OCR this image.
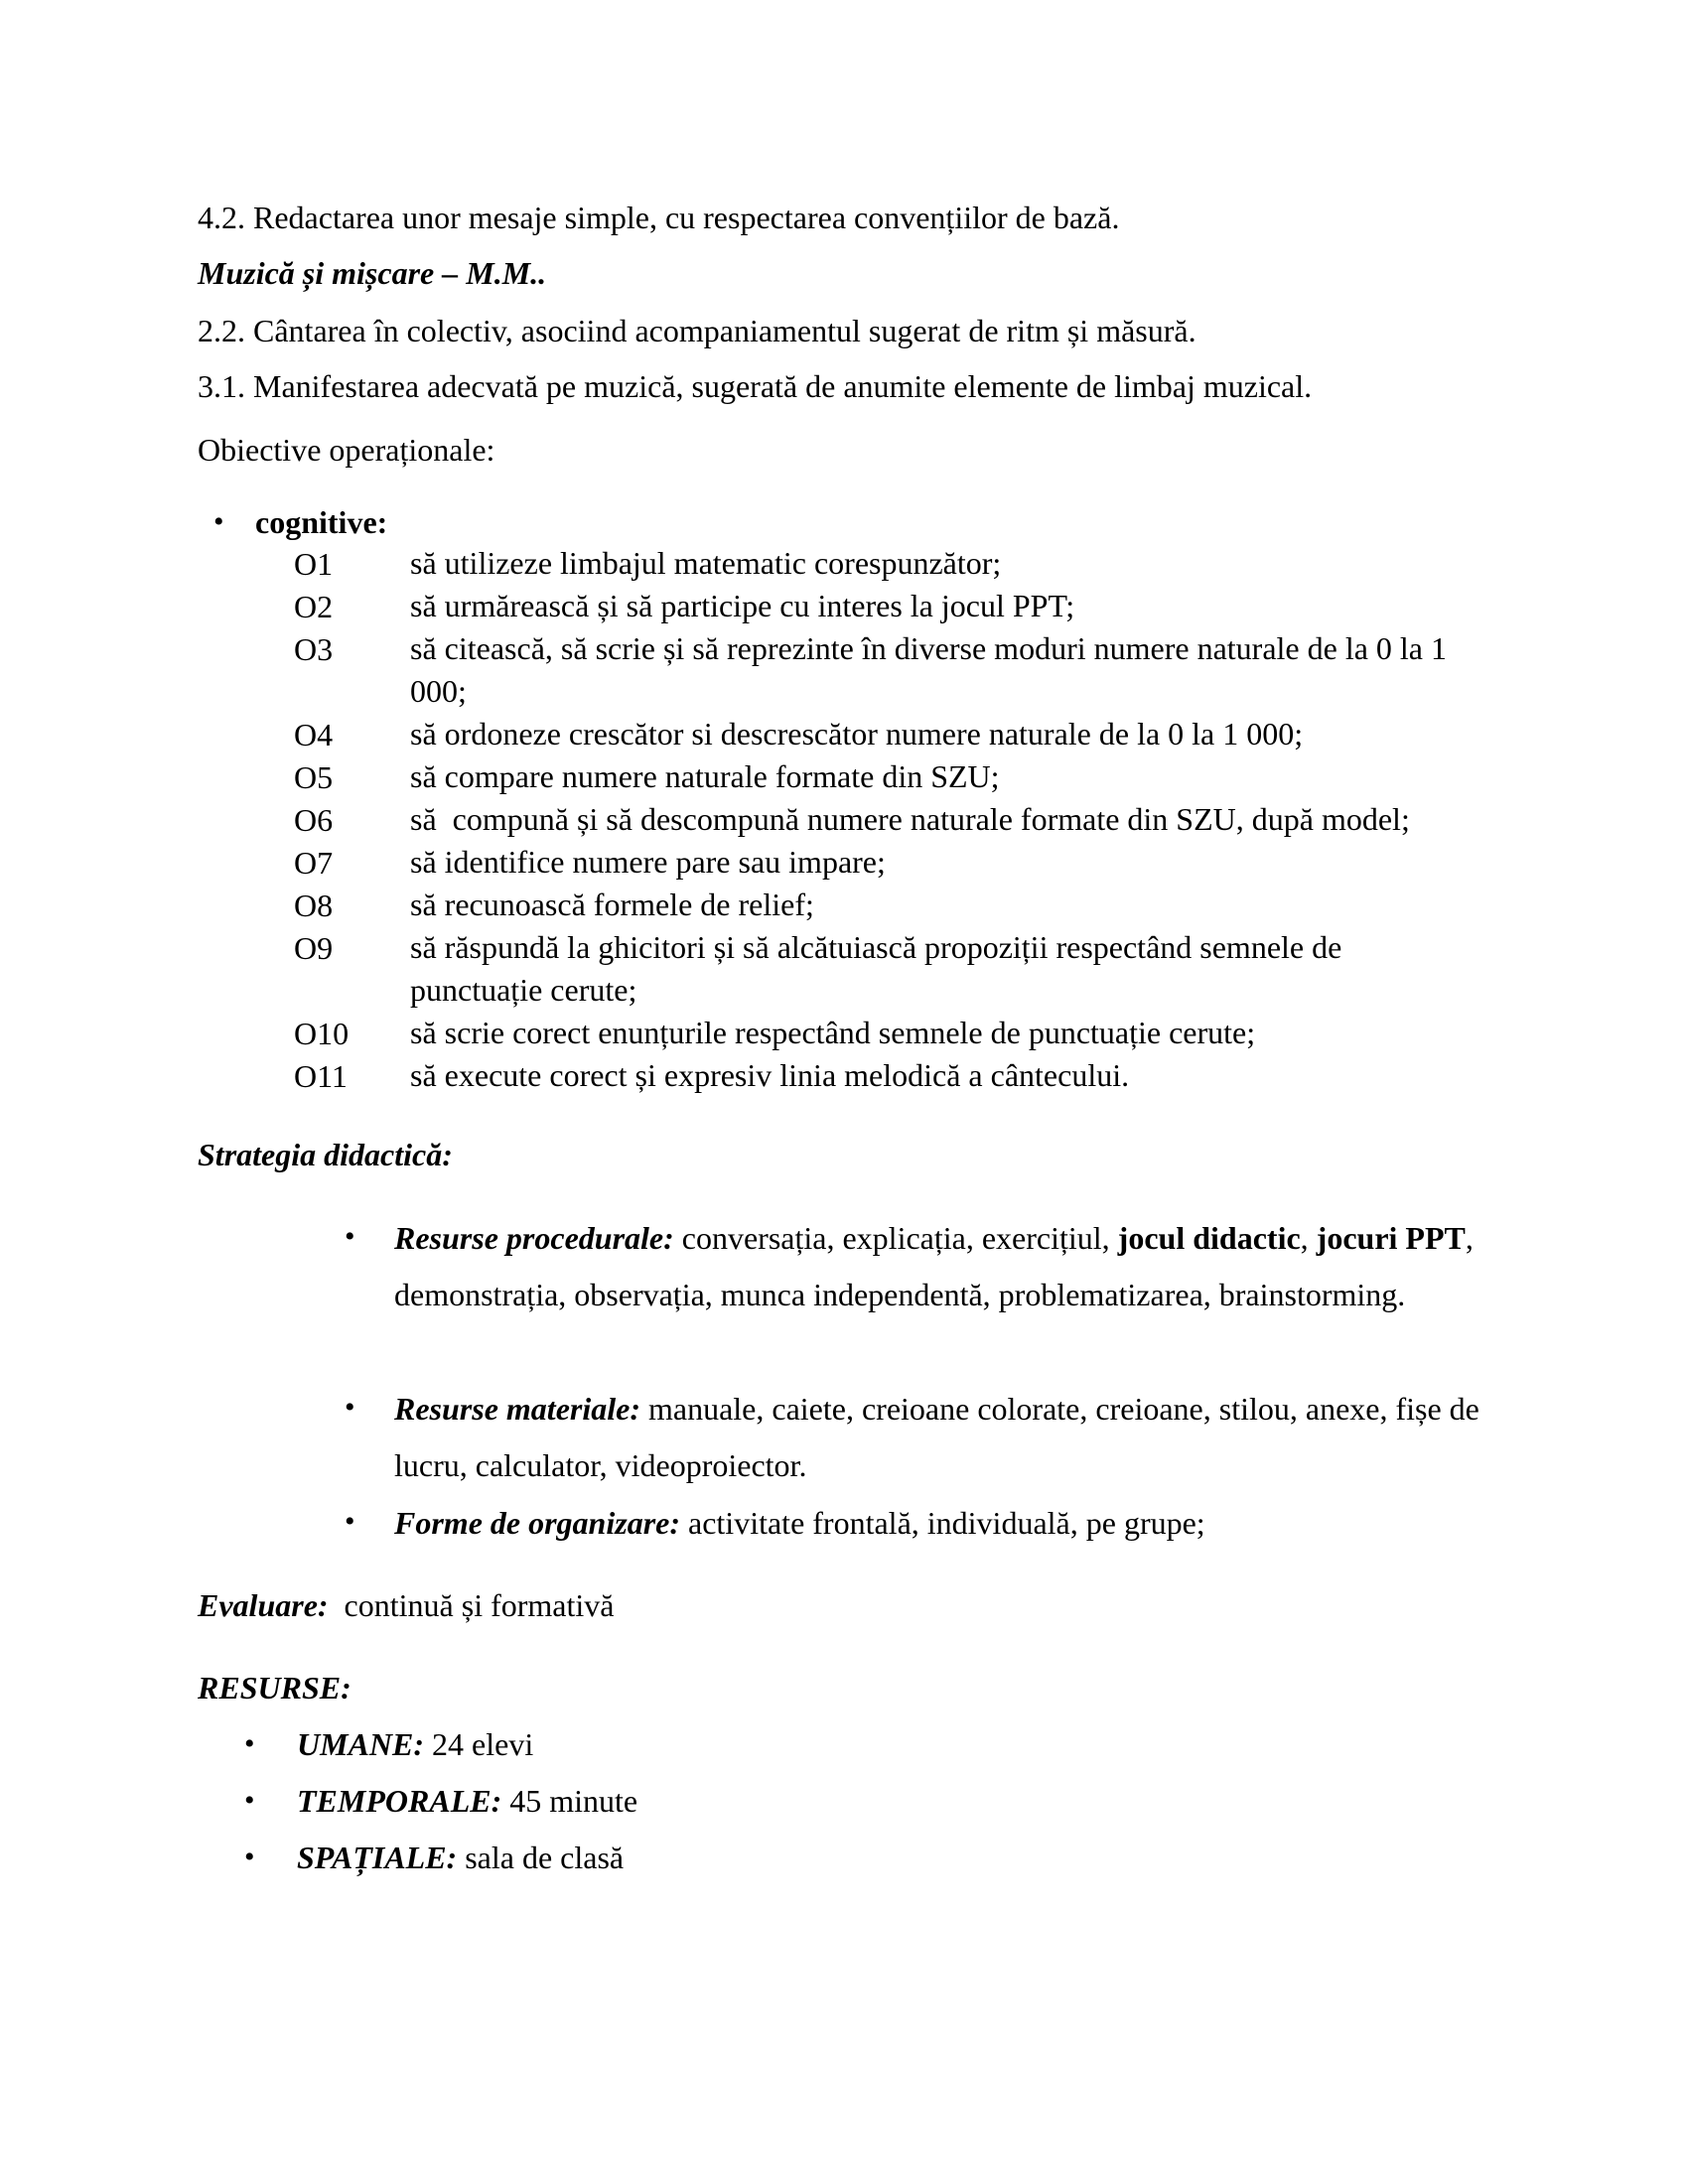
4.2. Redactarea unor mesaje simple, cu respectarea convențiilor de bază.
Muzică și mișcare – M.M..
2.2. Cântarea în colectiv, asociind acompaniamentul sugerat de ritm și măsură.
3.1. Manifestarea adecvată pe muzică, sugerată de anumite elemente de limbaj muzical.
Obiective operaționale:
• cognitive:
O1 să utilizeze limbajul matematic corespunzător;
O2 să urmărească și să participe cu interes la jocul PPT;
O3 să citească, să scrie și să reprezinte în diverse moduri numere naturale de la 0 la 1 000;
O4 să ordoneze crescător si descrescător numere naturale de la 0 la 1 000;
O5 să compare numere naturale formate din SZU;
O6 să  compună și să descompună numere naturale formate din SZU, după model;
O7 să identifice numere pare sau impare;
O8 să recunoască formele de relief;
O9 să răspundă la ghicitori și să alcătuiască propoziții respectând semnele de punctuație cerute;
O10 să scrie corect enunțurile respectând semnele de punctuație cerute;
O11 să execute corect și expresiv linia melodică a cântecului.
Strategia didactică:
• Resurse procedurale: conversația, explicația, exercițiul, jocul didactic, jocuri PPT, demonstrația, observația, munca independentă, problematizarea, brainstorming.
• Resurse materiale: manuale, caiete, creioane colorate, creioane, stilou, anexe, fișe de lucru, calculator, videoproiector.
• Forme de organizare: activitate frontală, individuală, pe grupe;
Evaluare:  continuă și formativă
RESURSE:
• UMANE: 24 elevi
• TEMPORALE: 45 minute
• SPAȚIALE: sala de clasă
